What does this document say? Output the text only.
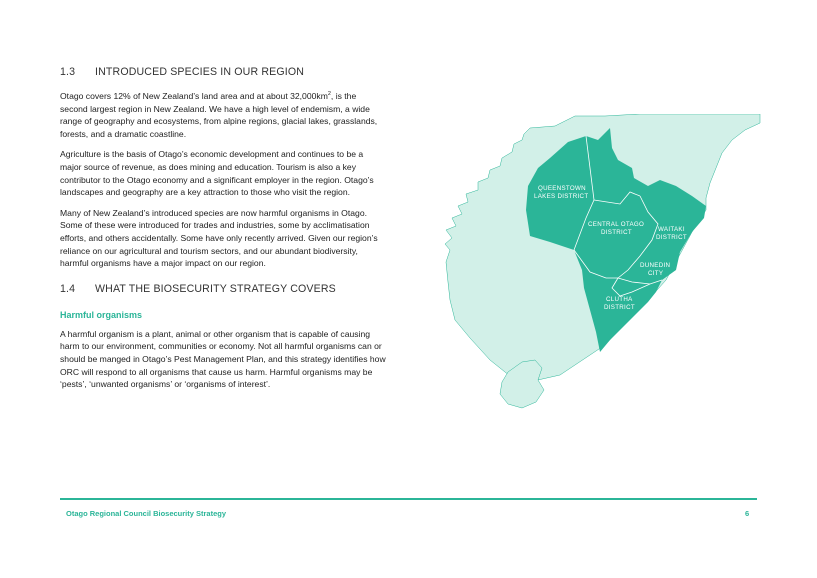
1.3 INTRODUCED SPECIES IN OUR REGION

Otago covers 12% of New Zealand’s land area and at about $32,000km^2$, is the second largest region in New Zealand. We have a high level of endemism, a wide range of geography and ecosystems, from alpine regions, glacial lakes, grasslands, forests, and a dramatic coastline.

Agriculture is the basis of Otago’s economic development and continues to be a major source of revenue, as does mining and education. Tourism is also a key contributor to the Otago economy and a significant employer in the region. Otago’s landscapes and geography are a key attraction to those who visit the region.

Many of New Zealand’s introduced species are now harmful organisms in Otago. Some of these were introduced for trades and industries, some by acclimatisation efforts, and others accidentally. Some have only recently arrived. Given our region’s reliance on our agricultural and tourism sectors, and our abundant biodiversity, harmful organisms have a major impact on our region.

1.4 WHAT THE BIOSECURITY STRATEGY COVERS
Harmful organisms

A harmful organism is a plant, animal or other organism that is capable of causing harm to our environment, communities or economy. Not all harmful organisms can or should be manged in Otago’s Pest Management Plan, and this strategy identifies how ORC will respond to all organisms that cause us harm. Harmful organisms may be ‘pests’, ‘unwanted organisms’ or ‘organisms of interest’.

QUEENSTOWN
LAKES DISTRICT
CENTRAL OTAGO
DISTRICT	WAITAKI
DISTRICT
DUNEDIN
CITY
CLUTHA
DISTRICT
Otago Regional Council Biosecurity Strategy	6
